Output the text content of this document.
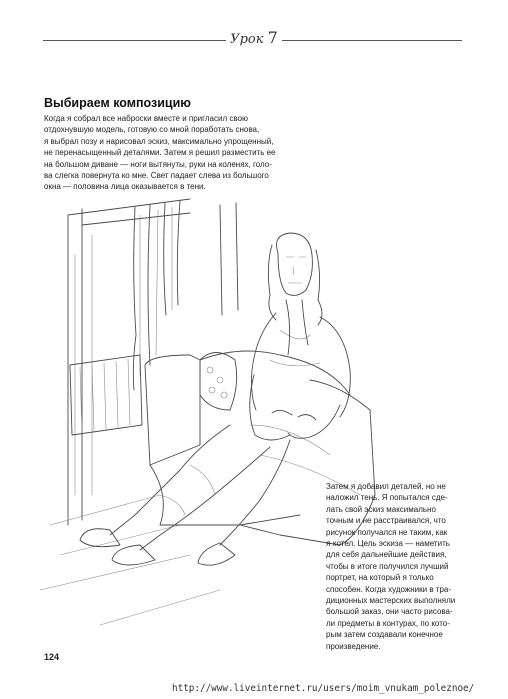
Урок 7
Выбираем композицию
Когда я собрал все наброски вместе и пригласил свою
отдохнувшую модель, готовую со мной поработать снова,
я выбрал позу и нарисовал эскиз, максимально упрощенный,
не перенасыщенный деталями. Затем я решил разместить ее
на большом диване — ноги вытянуты, руки на коленях, голо-
ва слегка повернута ко мне. Свет падает слева из большого
окна — половина лица оказывается в тени.
Затем я добавил деталей, но не
наложил тень. Я попытался сде-
лать свой эскиз максимально
точным и не расстраивался, что
рисунок получался не таким, как
я хотел. Цель эскиза — наметить
для себя дальнейшие действия,
чтобы в итоге получился лучший
портрет, на который я только
способен. Когда художники в тра-
диционных мастерских выполняли
большой заказ, они часто рисова-
ли предметы в контурах, по кото-
рым затем создавали конечное
произведение.
124
http://www.liveinternet.ru/users/moim_vnukam_poleznoe/
